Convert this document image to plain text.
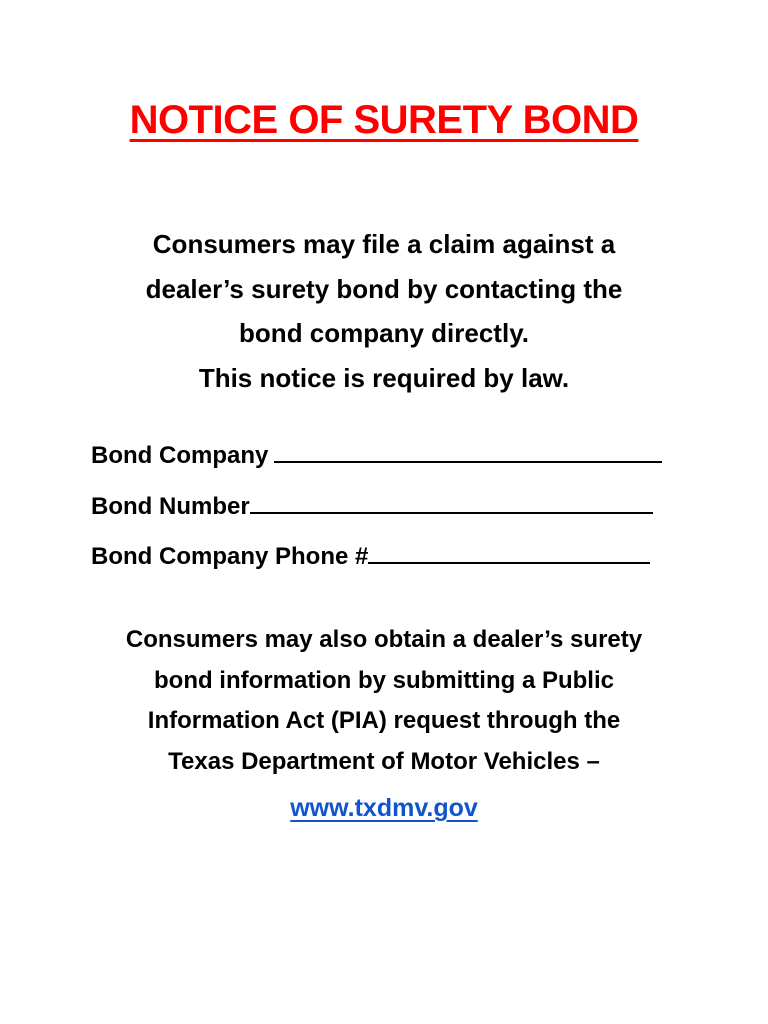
NOTICE OF SURETY BOND
Consumers may file a claim against a
dealer’s surety bond by contacting the
bond company directly.
This notice is required by law.
Bond Company
Bond Number
Bond Company Phone #
Consumers may also obtain a dealer’s surety
bond information by submitting a Public
Information Act (PIA) request through the
Texas Department of Motor Vehicles –
www.txdmv.gov
